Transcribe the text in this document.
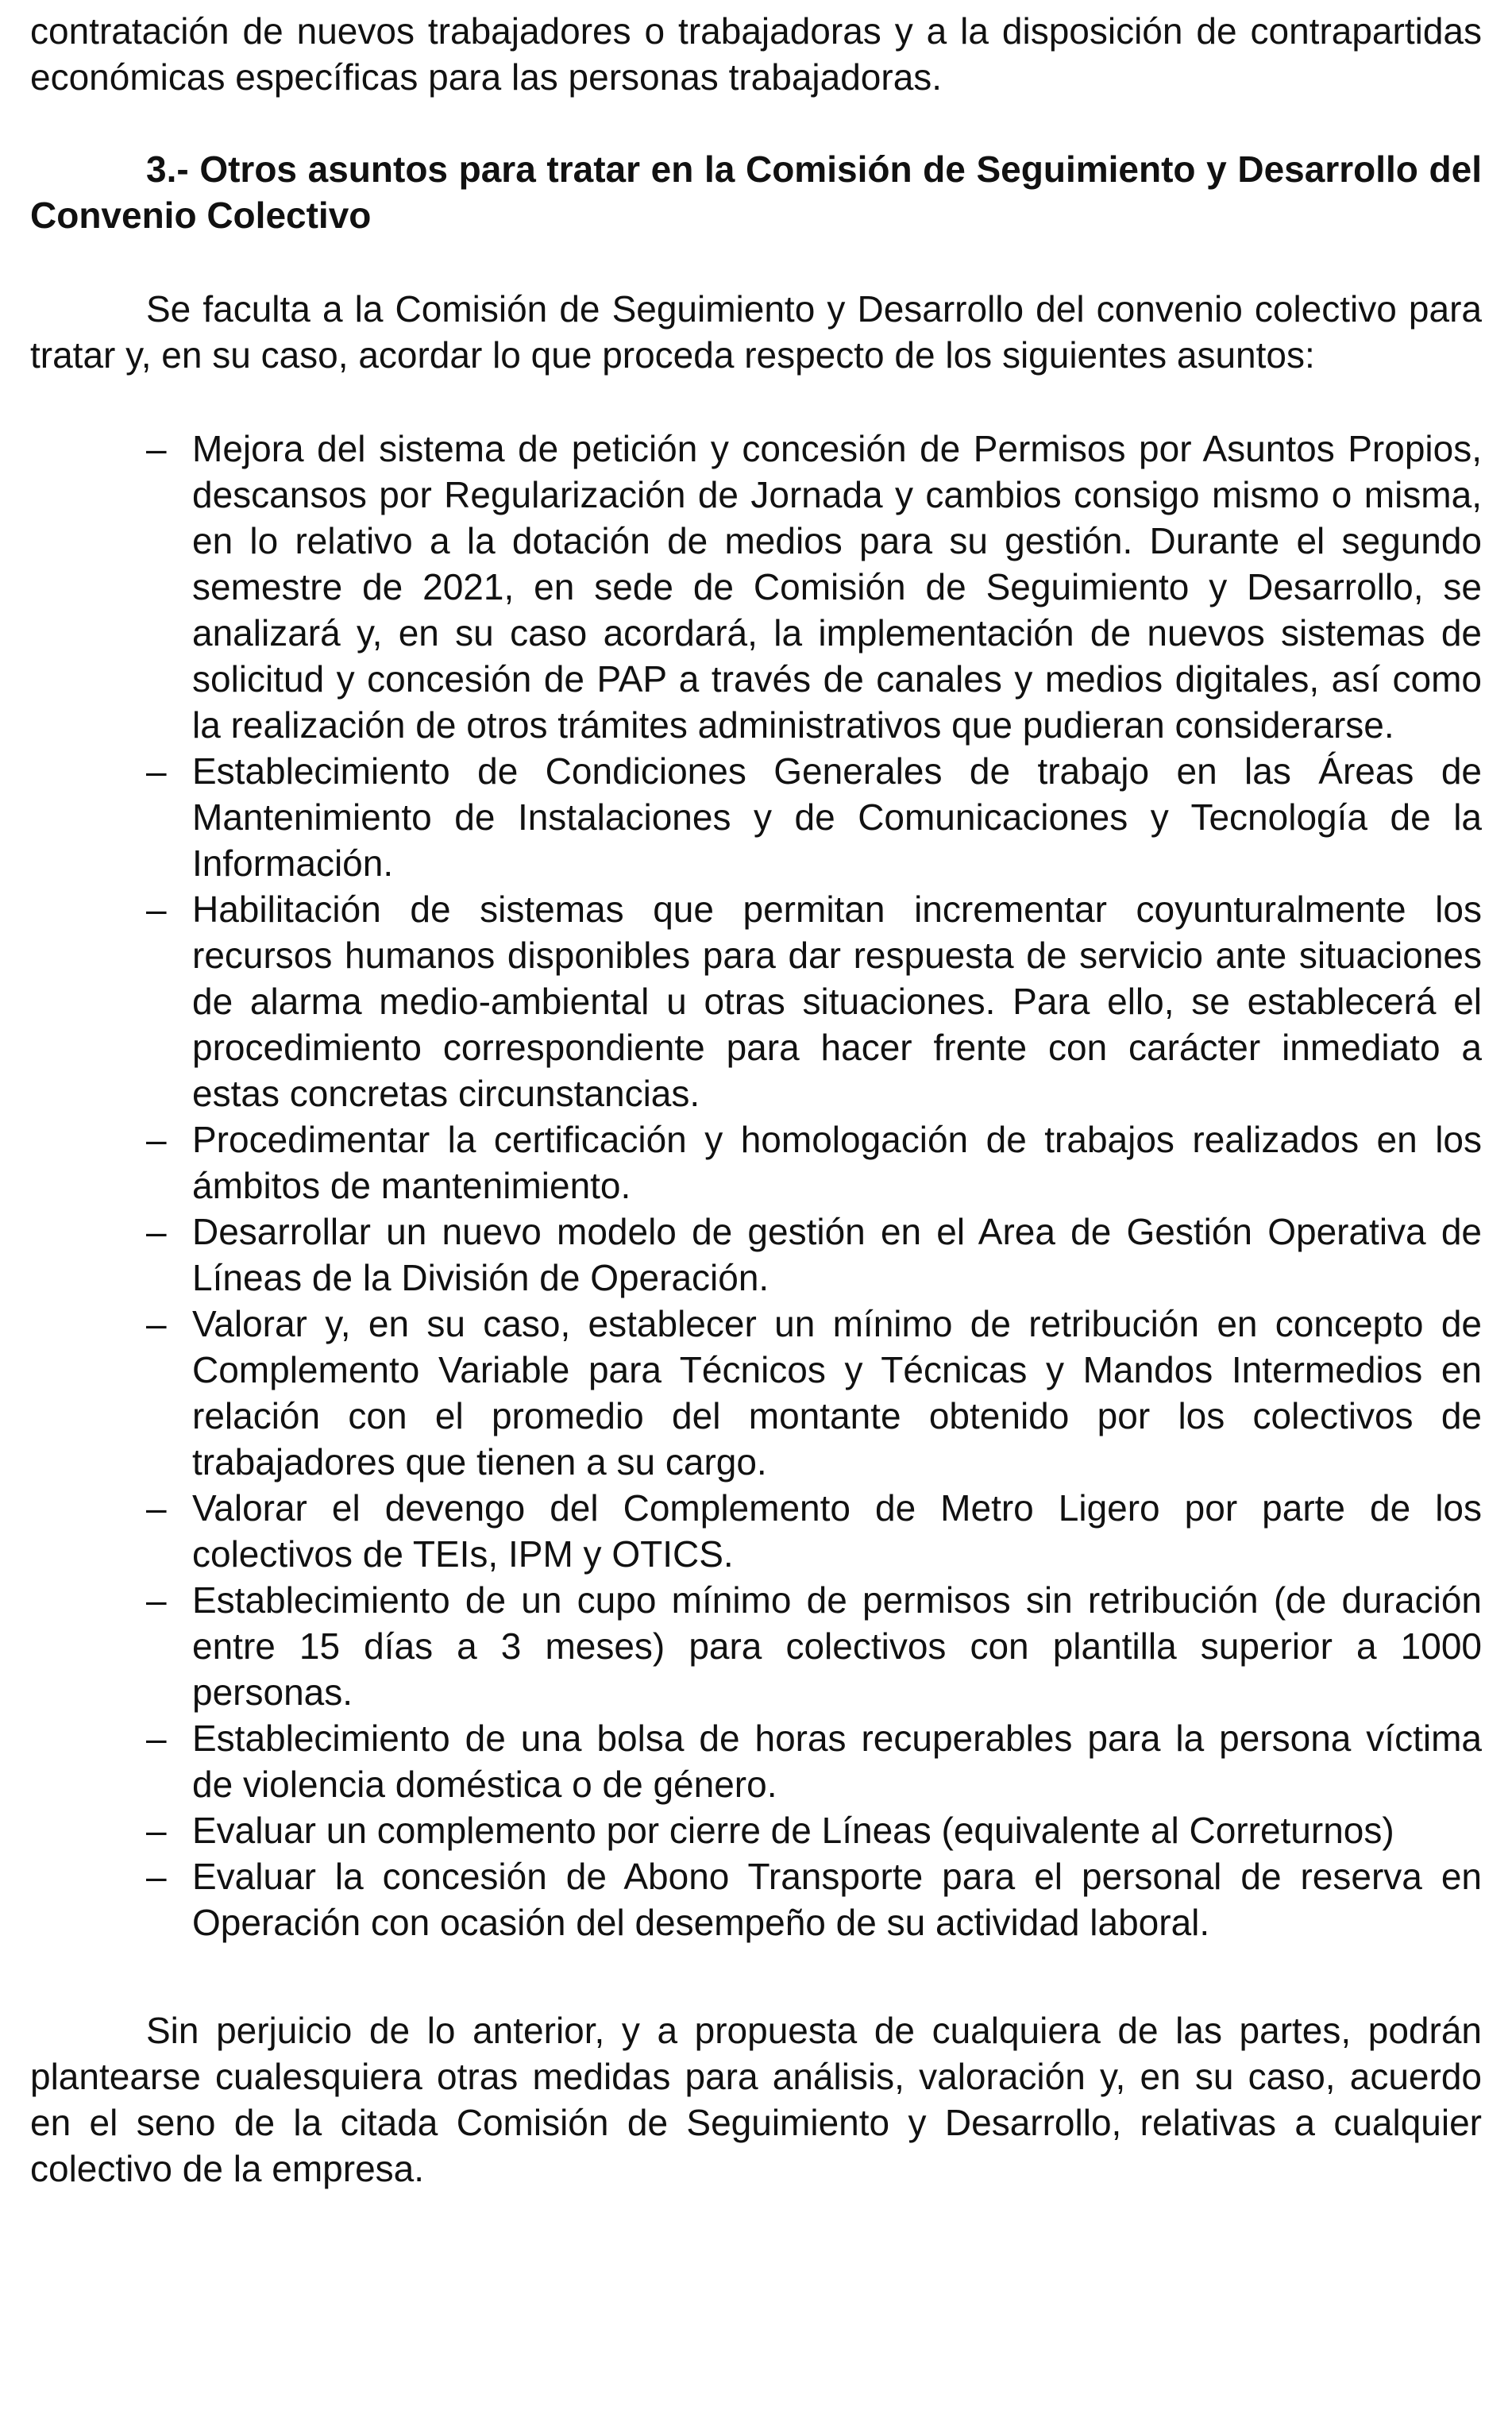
contratación de nuevos trabajadores o trabajadoras y a la disposición de contrapartidas económicas específicas para las personas trabajadoras.

3.- Otros asuntos para tratar en la Comisión de Seguimiento y Desarrollo del Convenio Colectivo

Se faculta a la Comisión de Seguimiento y Desarrollo del convenio colectivo para tratar y, en su caso, acordar lo que proceda respecto de los siguientes asuntos:

– Mejora del sistema de petición y concesión de Permisos por Asuntos Propios, descansos por Regularización de Jornada y cambios consigo mismo o misma, en lo relativo a la dotación de medios para su gestión. Durante el segundo semestre de 2021, en sede de Comisión de Seguimiento y Desarrollo, se analizará y, en su caso acordará, la implementación de nuevos sistemas de solicitud y concesión de PAP a través de canales y medios digitales, así como la realización de otros trámites administrativos que pudieran considerarse.
– Establecimiento de Condiciones Generales de trabajo en las Áreas de Mantenimiento de Instalaciones y de Comunicaciones y Tecnología de la Información.
– Habilitación de sistemas que permitan incrementar coyunturalmente los recursos humanos disponibles para dar respuesta de servicio ante situaciones de alarma medio-ambiental u otras situaciones. Para ello, se establecerá el procedimiento correspondiente para hacer frente con carácter inmediato a estas concretas circunstancias.
– Procedimentar la certificación y homologación de trabajos realizados en los ámbitos de mantenimiento.
– Desarrollar un nuevo modelo de gestión en el Area de Gestión Operativa de Líneas de la División de Operación.
– Valorar y, en su caso, establecer un mínimo de retribución en concepto de Complemento Variable para Técnicos y Técnicas y Mandos Intermedios en relación con el promedio del montante obtenido por los colectivos de trabajadores que tienen a su cargo.
– Valorar el devengo del Complemento de Metro Ligero por parte de los colectivos de TEIs, IPM y OTICS.
– Establecimiento de un cupo mínimo de permisos sin retribución (de duración entre 15 días a 3 meses) para colectivos con plantilla superior a 1000 personas.
– Establecimiento de una bolsa de horas recuperables para la persona víctima de violencia doméstica o de género.
– Evaluar un complemento por cierre de Líneas (equivalente al Correturnos)
– Evaluar la concesión de Abono Transporte para el personal de reserva en Operación con ocasión del desempeño de su actividad laboral.

Sin perjuicio de lo anterior, y a propuesta de cualquiera de las partes, podrán plantearse cualesquiera otras medidas para análisis, valoración y, en su caso, acuerdo en el seno de la citada Comisión de Seguimiento y Desarrollo, relativas a cualquier colectivo de la empresa.
